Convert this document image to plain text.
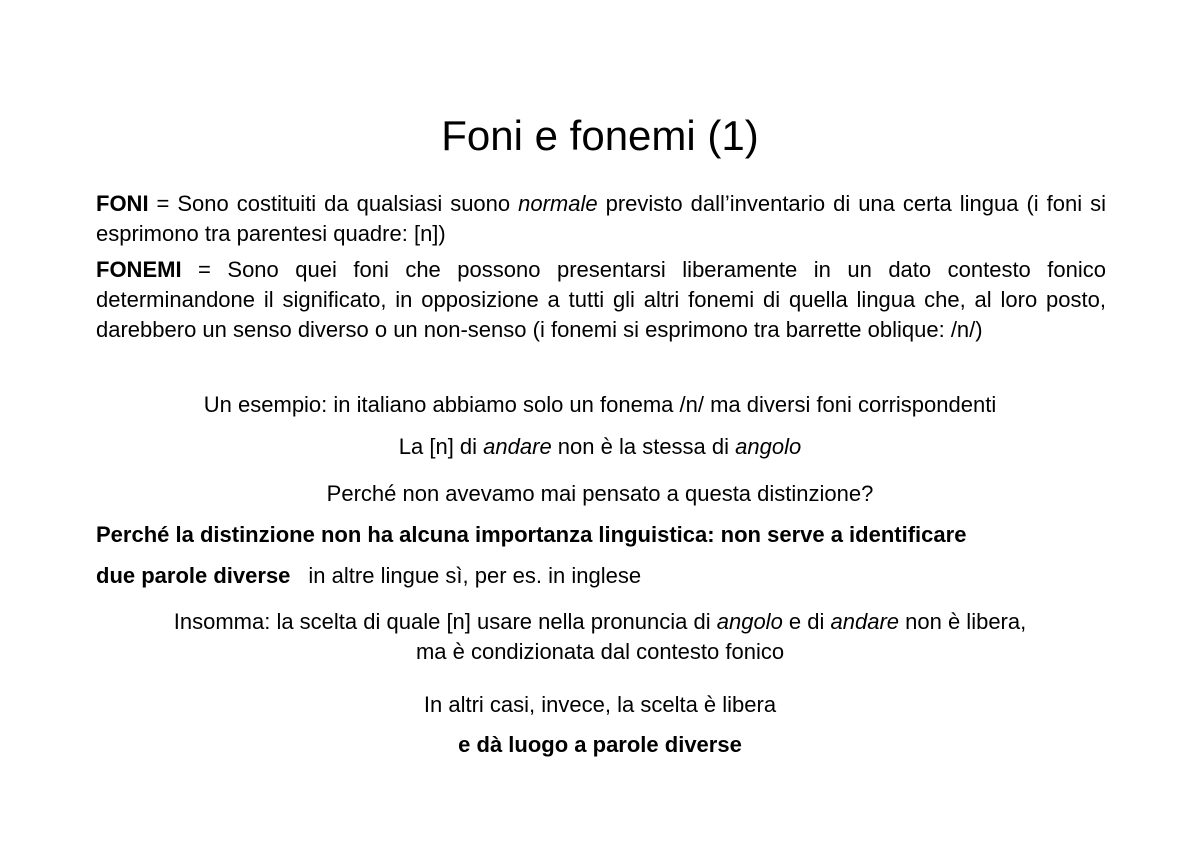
Foni e fonemi (1)

FONI = Sono costituiti da qualsiasi suono normale previsto dall’inventario di una certa lingua (i foni si esprimono tra parentesi quadre: [n])

FONEMI = Sono quei foni che possono presentarsi liberamente in un dato contesto fonico determinandone il significato, in opposizione a tutti gli altri fonemi di quella lingua che, al loro posto, darebbero un senso diverso o un non-senso (i fonemi si esprimono tra barrette oblique: /n/)

Un esempio: in italiano abbiamo solo un fonema /n/ ma diversi foni corrispondenti

La [n] di andare non è la stessa di angolo

Perché non avevamo mai pensato a questa distinzione?

Perché la distinzione non ha alcuna importanza linguistica: non serve a identificare

due parole diverse in altre lingue sì, per es. in inglese

Insomma: la scelta di quale [n] usare nella pronuncia di angolo e di andare non è libera,
ma è condizionata dal contesto fonico

In altri casi, invece, la scelta è libera

e dà luogo a parole diverse
